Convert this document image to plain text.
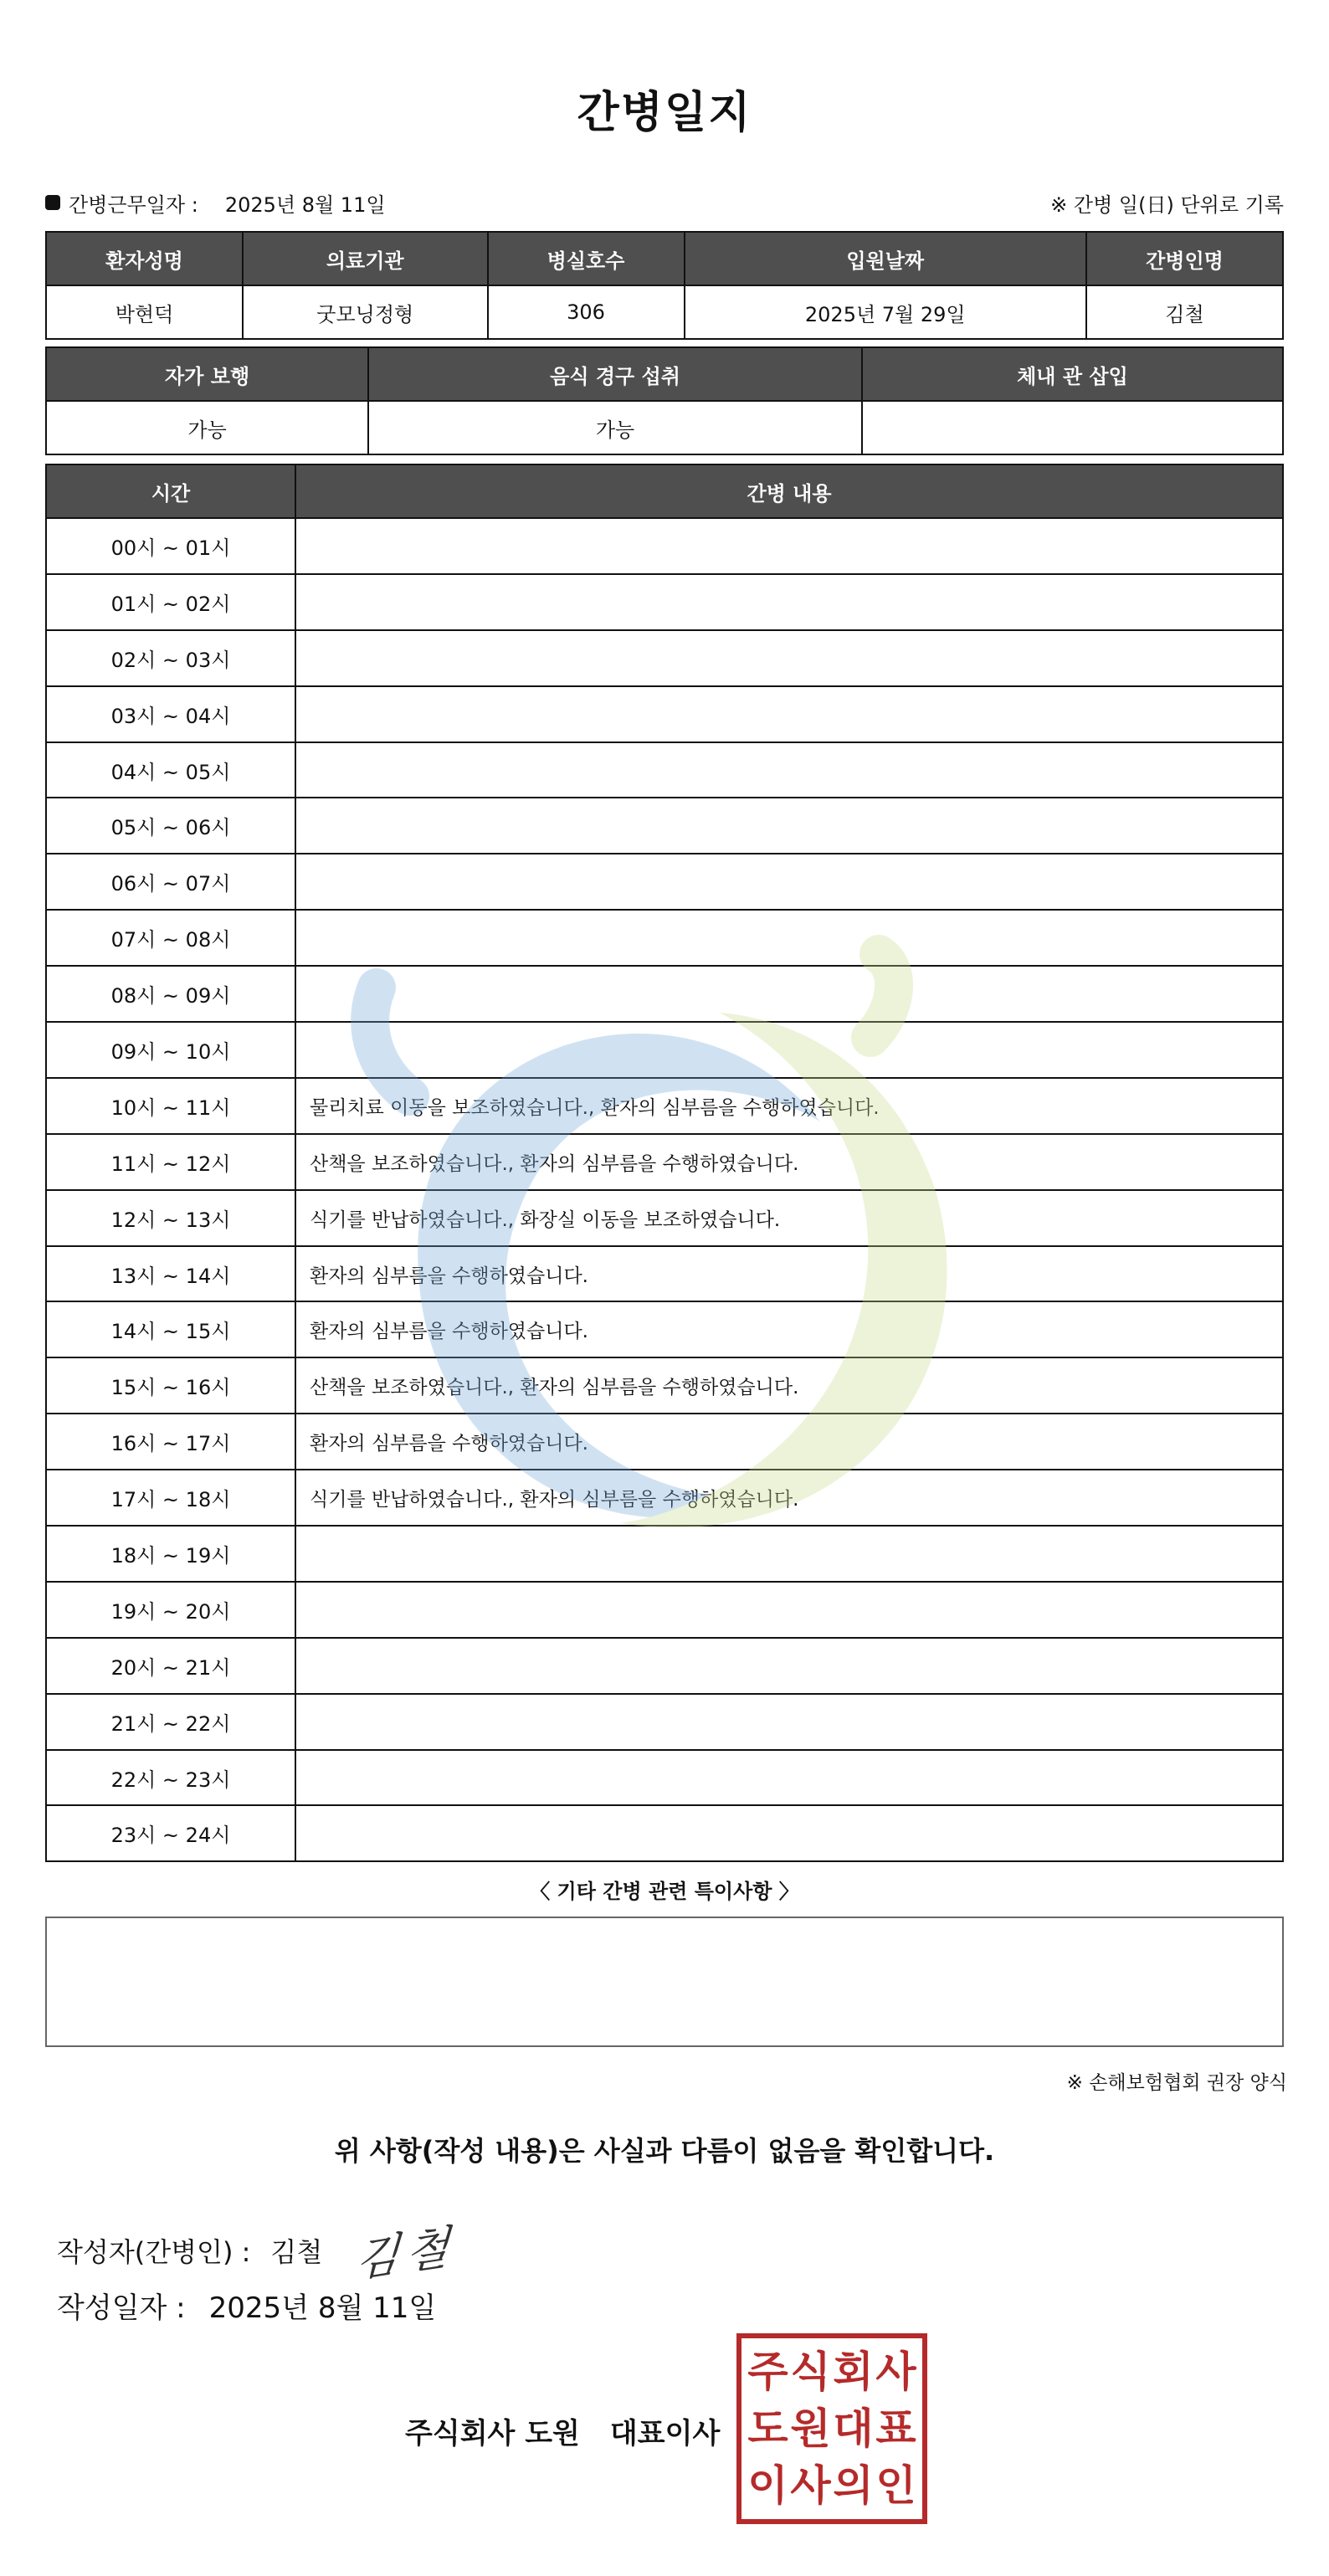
간병일지
간병근무일자 : 2025년 8월 11일	※ 간병 일(日) 단위로 기록
환자성명	의료기관	병실호수	입원날짜	간병인명
박현덕	굿모닝정형	306	2025년 7월 29일	김철
자가 보행	음식 경구 섭취	체내 관 삽입
가능	가능	
시간	간병 내용
00시 ~ 01시	
01시 ~ 02시	
02시 ~ 03시	
03시 ~ 04시	
04시 ~ 05시	
05시 ~ 06시	
06시 ~ 07시	
07시 ~ 08시	
08시 ~ 09시	
09시 ~ 10시	
10시 ~ 11시	물리치료 이동을 보조하였습니다., 환자의 심부름을 수행하였습니다.
11시 ~ 12시	산책을 보조하였습니다., 환자의 심부름을 수행하였습니다.
12시 ~ 13시	식기를 반납하였습니다., 화장실 이동을 보조하였습니다.
13시 ~ 14시	환자의 심부름을 수행하였습니다.
14시 ~ 15시	환자의 심부름을 수행하였습니다.
15시 ~ 16시	산책을 보조하였습니다., 환자의 심부름을 수행하였습니다.
16시 ~ 17시	환자의 심부름을 수행하였습니다.
17시 ~ 18시	식기를 반납하였습니다., 환자의 심부름을 수행하였습니다.
18시 ~ 19시	
19시 ~ 20시	
20시 ~ 21시	
21시 ~ 22시	
22시 ~ 23시	
23시 ~ 24시	
〈 기타 간병 관련 특이사항 〉
※ 손해보험협회 권장 양식
위 사항(작성 내용)은 사실과 다름이 없음을 확인합니다.
작성자(간병인) : 김철 김철
작성일자 : 2025년 8월 11일
주식회사 도원 대표이사
주 식 회 사
도 원 대 표
이 사 의 인
